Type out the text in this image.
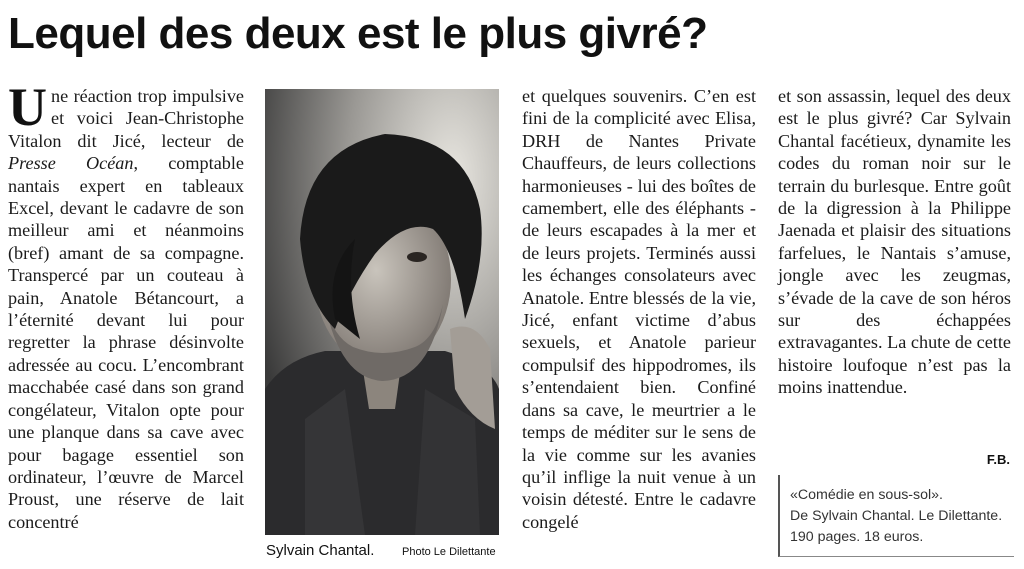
Lequel des deux est le plus givré?

Une réaction trop impulsive et voici Jean-Christophe Vitalon dit Jicé, lecteur de Presse Océan, comptable nantais expert en tableaux Excel, devant le cadavre de son meilleur ami et néanmoins (bref) amant de sa compagne. Transpercé par un couteau à pain, Anatole Bétancourt, a l’éternité devant lui pour regretter la phrase désinvolte adressée au cocu. L’encombrant macchabée casé dans son grand congélateur, Vitalon opte pour une planque dans sa cave avec pour bagage essentiel son ordinateur, l’œuvre de Marcel Proust, une réserve de lait concentré

Sylvain Chantal.	Photo Le Dilettante

et quelques souvenirs. C’en est fini de la complicité avec Elisa, DRH de Nantes Private Chauffeurs, de leurs collections harmonieuses - lui des boîtes de camembert, elle des éléphants - de leurs escapades à la mer et de leurs projets. Terminés aussi les échanges consolateurs avec Anatole. Entre blessés de la vie, Jicé, enfant victime d’abus sexuels, et Anatole parieur compulsif des hippodromes, ils s’entendaient bien. Confiné dans sa cave, le meurtrier a le temps de méditer sur le sens de la vie comme sur les avanies qu’il inflige la nuit venue à un voisin détesté. Entre le cadavre congelé

et son assassin, lequel des deux est le plus givré? Car Sylvain Chantal facétieux, dynamite les codes du roman noir sur le terrain du burlesque. Entre goût de la digression à la Philippe Jaenada et plaisir des situations farfelues, le Nantais s’amuse, jongle avec les zeugmas, s’évade de la cave de son héros sur des échappées extravagantes. La chute de cette histoire loufoque n’est pas la moins inattendue.

F.B.
«Comédie en sous-sol».
De Sylvain Chantal. Le Dilettante.
190 pages. 18 euros.
